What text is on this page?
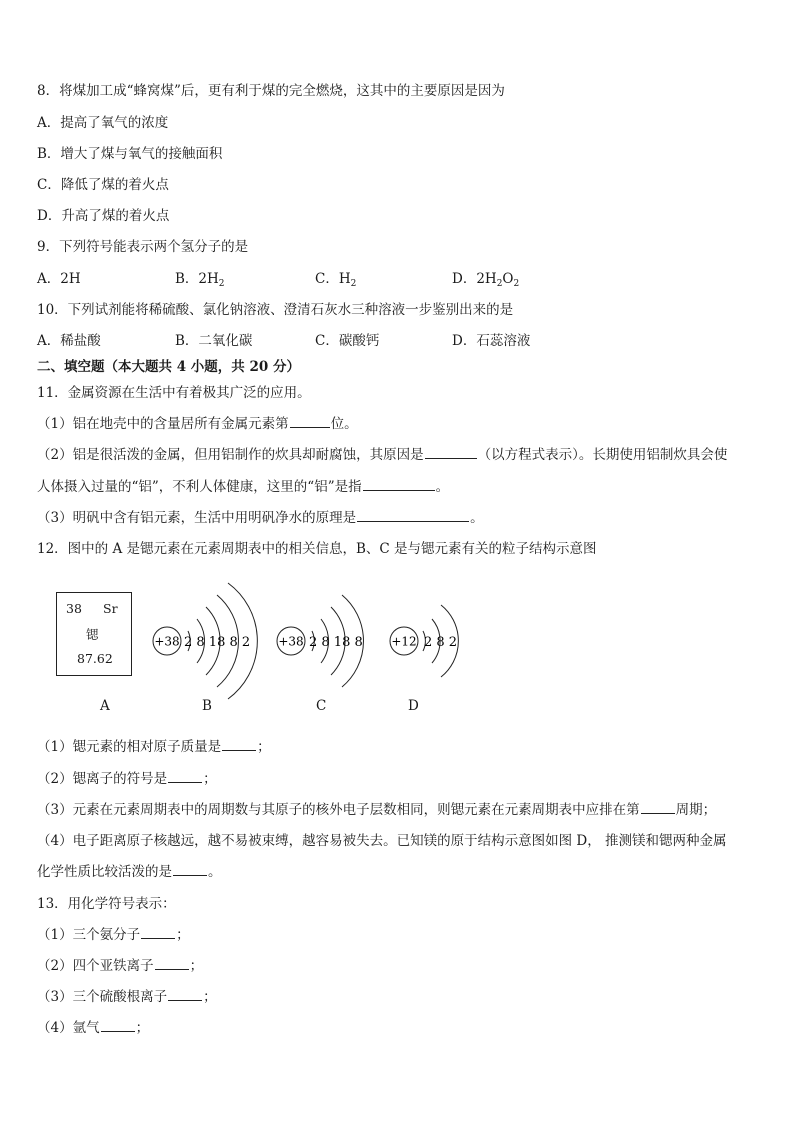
8．将煤加工成“蜂窝煤”后，更有利于煤的完全燃烧，这其中的主要原因是因为
A．提高了氧气的浓度
B．增大了煤与氧气的接触面积
C．降低了煤的着火点
D．升高了煤的着火点
9．下列符号能表示两个氢分子的是
A．2H	B．$2H_2$	C．$H_2$	D．$2H_2O_2$
10．下列试剂能将稀硫酸、氯化钠溶液、澄清石灰水三种溶液一步鉴别出来的是
A．稀盐酸	B．二氧化碳	C．碳酸钙	D．石蕊溶液
二、填空题（本大题共 4 小题，共 20 分）
11．金属资源在生活中有着极其广泛的应用。
（1）铝在地壳中的含量居所有金属元素第	位。
（2）铝是很活泼的金属，但用铝制作的炊具却耐腐蚀，其原因是	（以方程式表示）。长期使用铝制炊具会使
人体摄入过量的“铝”，不利人体健康，这里的“铝”是指	。
（3）明矾中含有铝元素，生活中用明矾净水的原理是	。
12．图中的 A 是锶元素在元素周期表中的相关信息，B、C 是与锶元素有关的粒子结构示意图
38 Sr
锶
87.62
+38 2 8 18 8 2 +38 2 8 18 8 +12 2 8 2
A	B	C	D
（1）锶元素的相对原子质量是	；
（2）锶离子的符号是	；
（3）元素在元素周期表中的周期数与其原子的核外电子层数相同，则锶元素在元素周期表中应排在第	周期；
（4）电子距离原子核越远，越不易被束缚，越容易被失去。已知镁的原于结构示意图如图 D， 推测镁和锶两种金属
化学性质比较活泼的是	。
13．用化学符号表示：
（1）三个氨分子	；
（2）四个亚铁离子	；
（3）三个硫酸根离子	；
（4）氩气	；
